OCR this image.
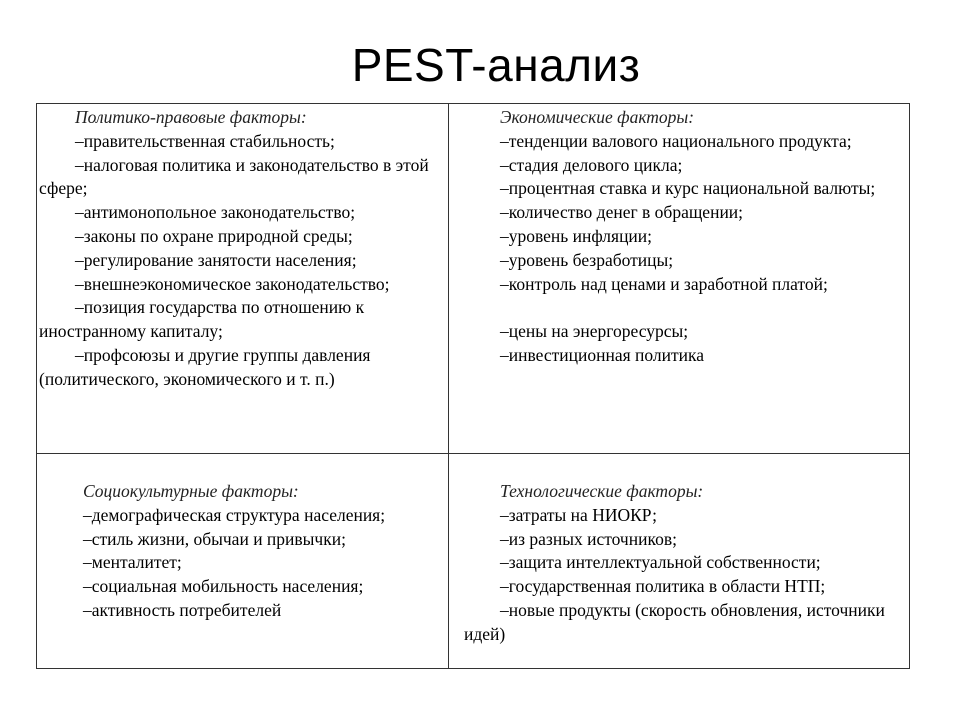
PEST-анализ
Политико-правовые факторы:
–правительственная стабильность;
–налоговая политика и законодательство в этой сфере;
–антимонопольное законодательство;
–законы по охране природной среды;
–регулирование занятости населения;
–внешнеэкономическое законодательство;
–позиция государства по отношению к иностранному капиталу;
–профсоюзы и другие группы давления (политического, экономического и т. п.)
Экономические факторы:
–тенденции валового национального продукта;
–стадия делового цикла;
–процентная ставка и курс национальной валюты;
–количество денег в обращении;
–уровень инфляции;
–уровень безработицы;
–контроль над ценами и заработной платой;
–цены на энергоресурсы;
–инвестиционная политика
Социокультурные факторы:
–демографическая структура населения;
–стиль жизни, обычаи и привычки;
–менталитет;
–социальная мобильность населения;
–активность потребителей
Технологические факторы:
–затраты на НИОКР;
–из разных источников;
–защита интеллектуальной собственности;
–государственная политика в области НТП;
–новые продукты (скорость обновления, источники идей)
